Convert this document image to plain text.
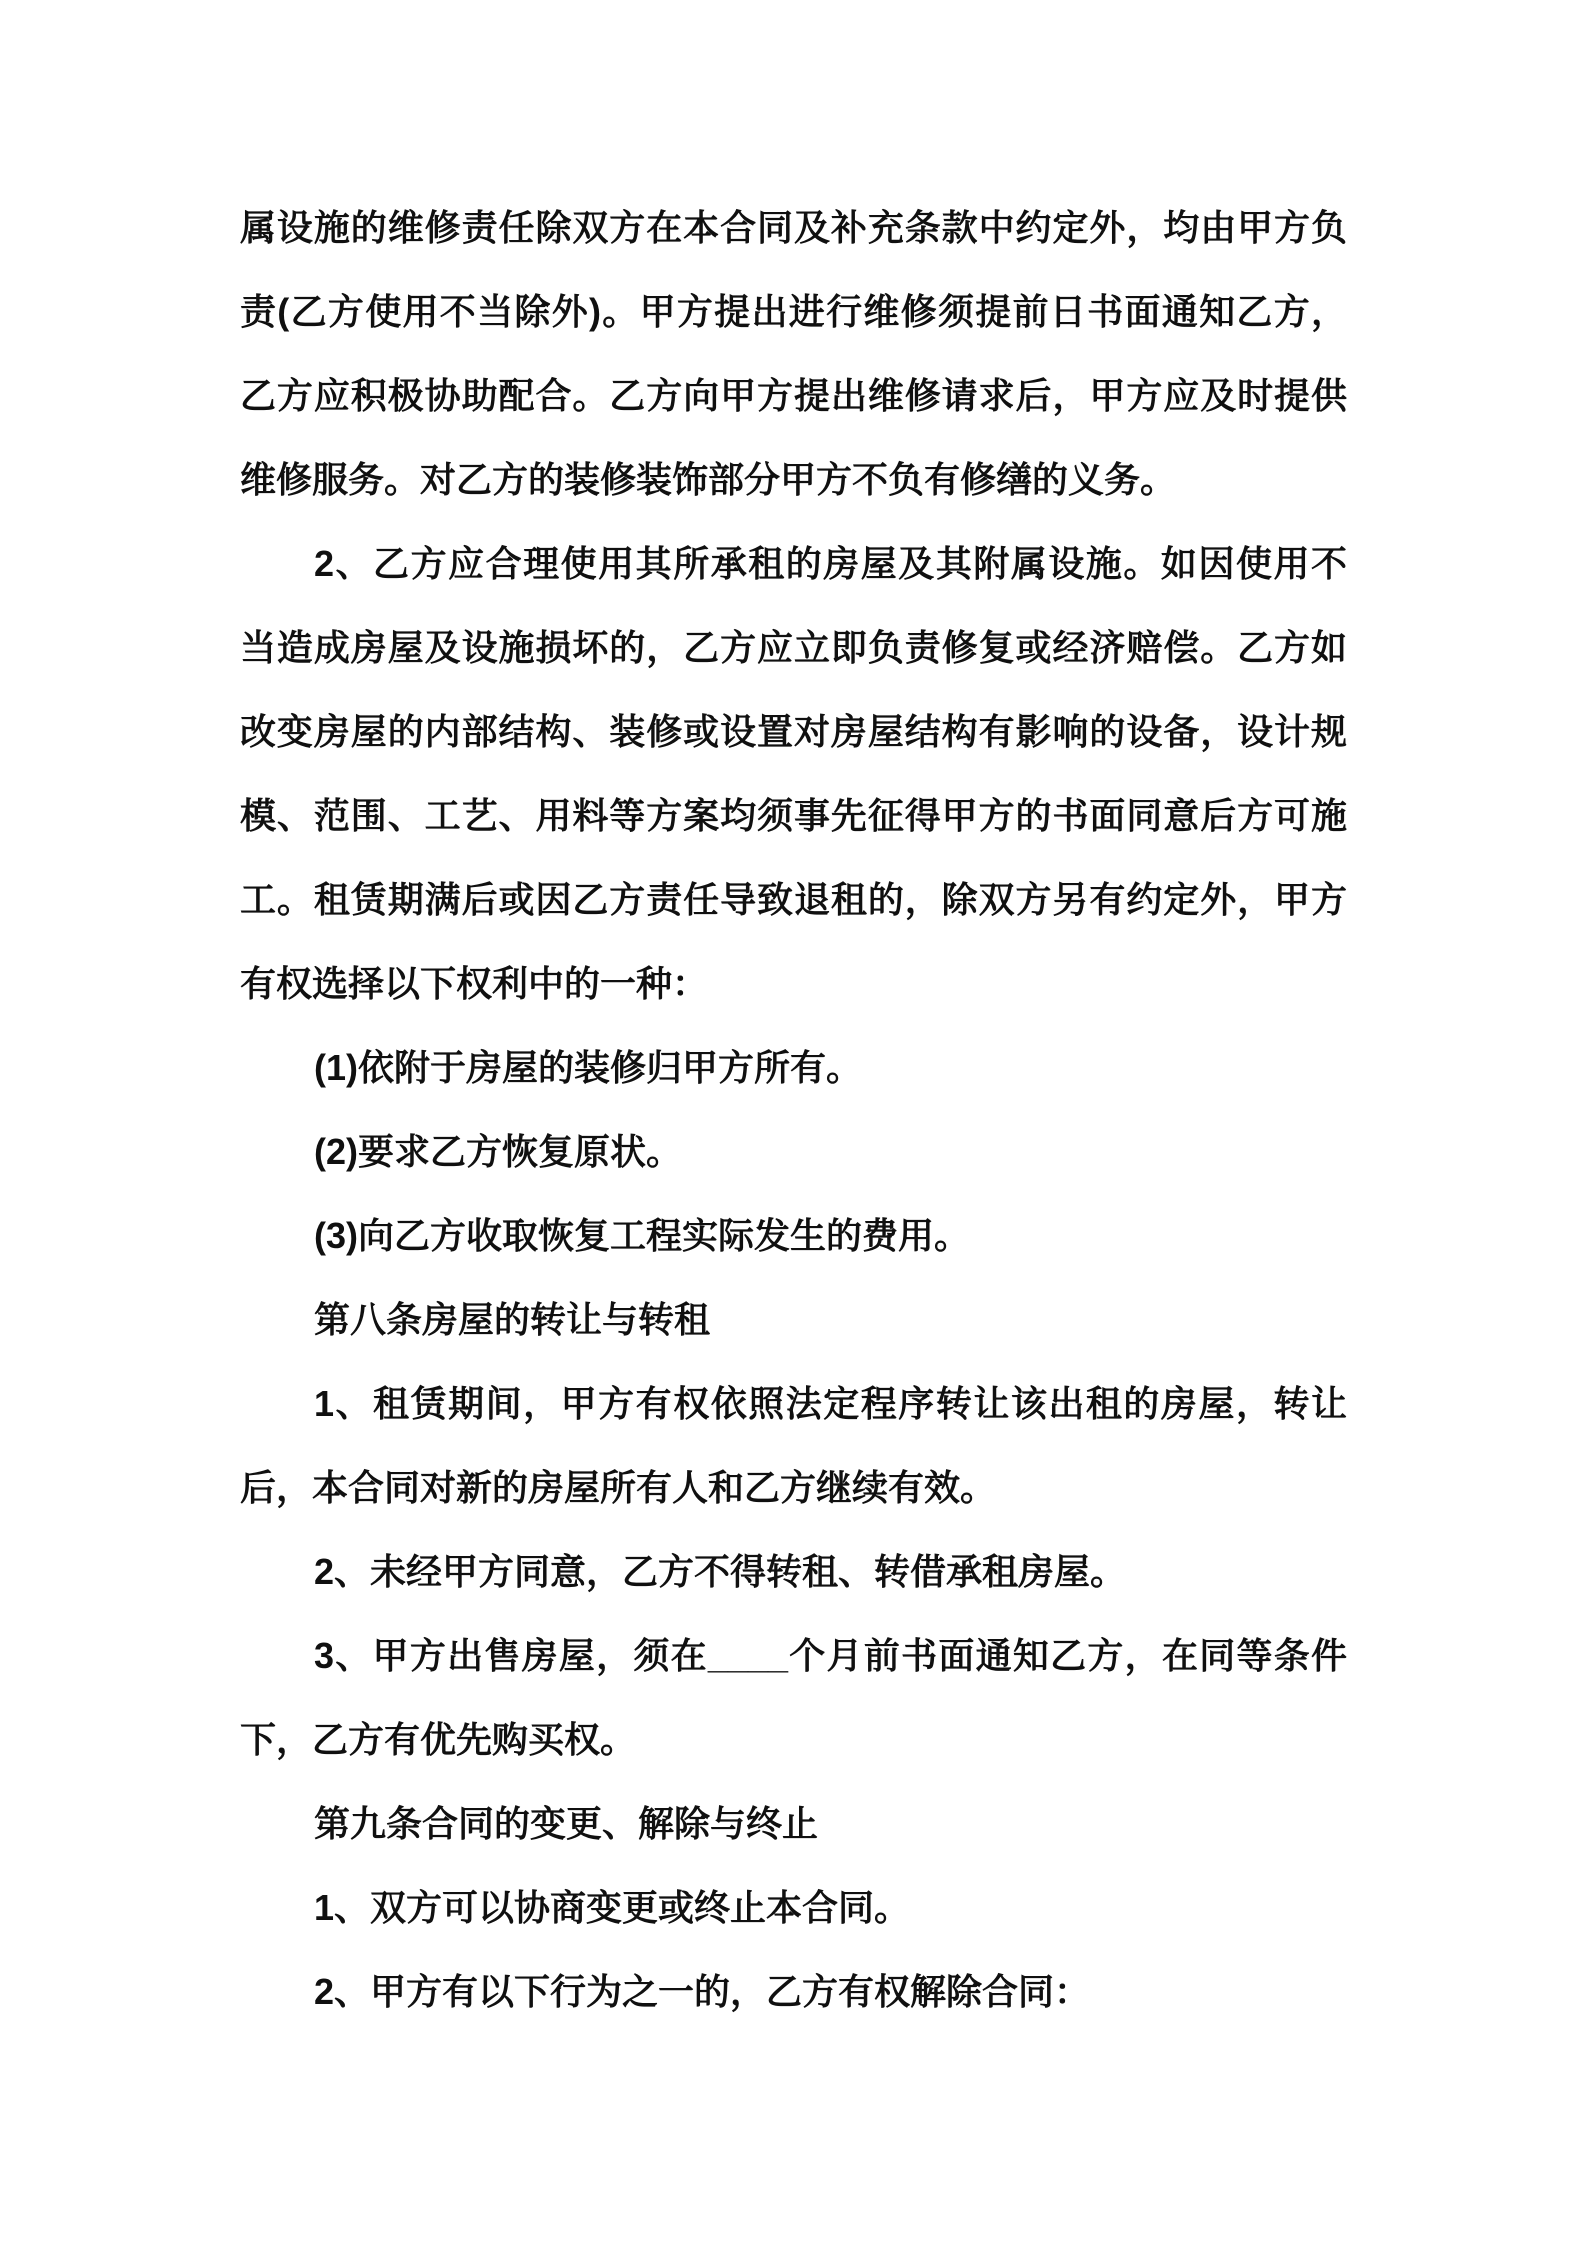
属设施的维修责任除双方在本合同及补充条款中约定外，均由甲方负
责(乙方使用不当除外)。甲方提出进行维修须提前日书面通知乙方，
乙方应积极协助配合。乙方向甲方提出维修请求后，甲方应及时提供
维修服务。对乙方的装修装饰部分甲方不负有修缮的义务。
2、乙方应合理使用其所承租的房屋及其附属设施。如因使用不
当造成房屋及设施损坏的，乙方应立即负责修复或经济赔偿。乙方如
改变房屋的内部结构、装修或设置对房屋结构有影响的设备，设计规
模、范围、工艺、用料等方案均须事先征得甲方的书面同意后方可施
工。租赁期满后或因乙方责任导致退租的，除双方另有约定外，甲方
有权选择以下权利中的一种：
(1)依附于房屋的装修归甲方所有。
(2)要求乙方恢复原状。
(3)向乙方收取恢复工程实际发生的费用。
第八条房屋的转让与转租
1、租赁期间，甲方有权依照法定程序转让该出租的房屋，转让
后，本合同对新的房屋所有人和乙方继续有效。
2、未经甲方同意，乙方不得转租、转借承租房屋。
3、甲方出售房屋，须在____个月前书面通知乙方，在同等条件
下，乙方有优先购买权。
第九条合同的变更、解除与终止
1、双方可以协商变更或终止本合同。
2、甲方有以下行为之一的，乙方有权解除合同：
